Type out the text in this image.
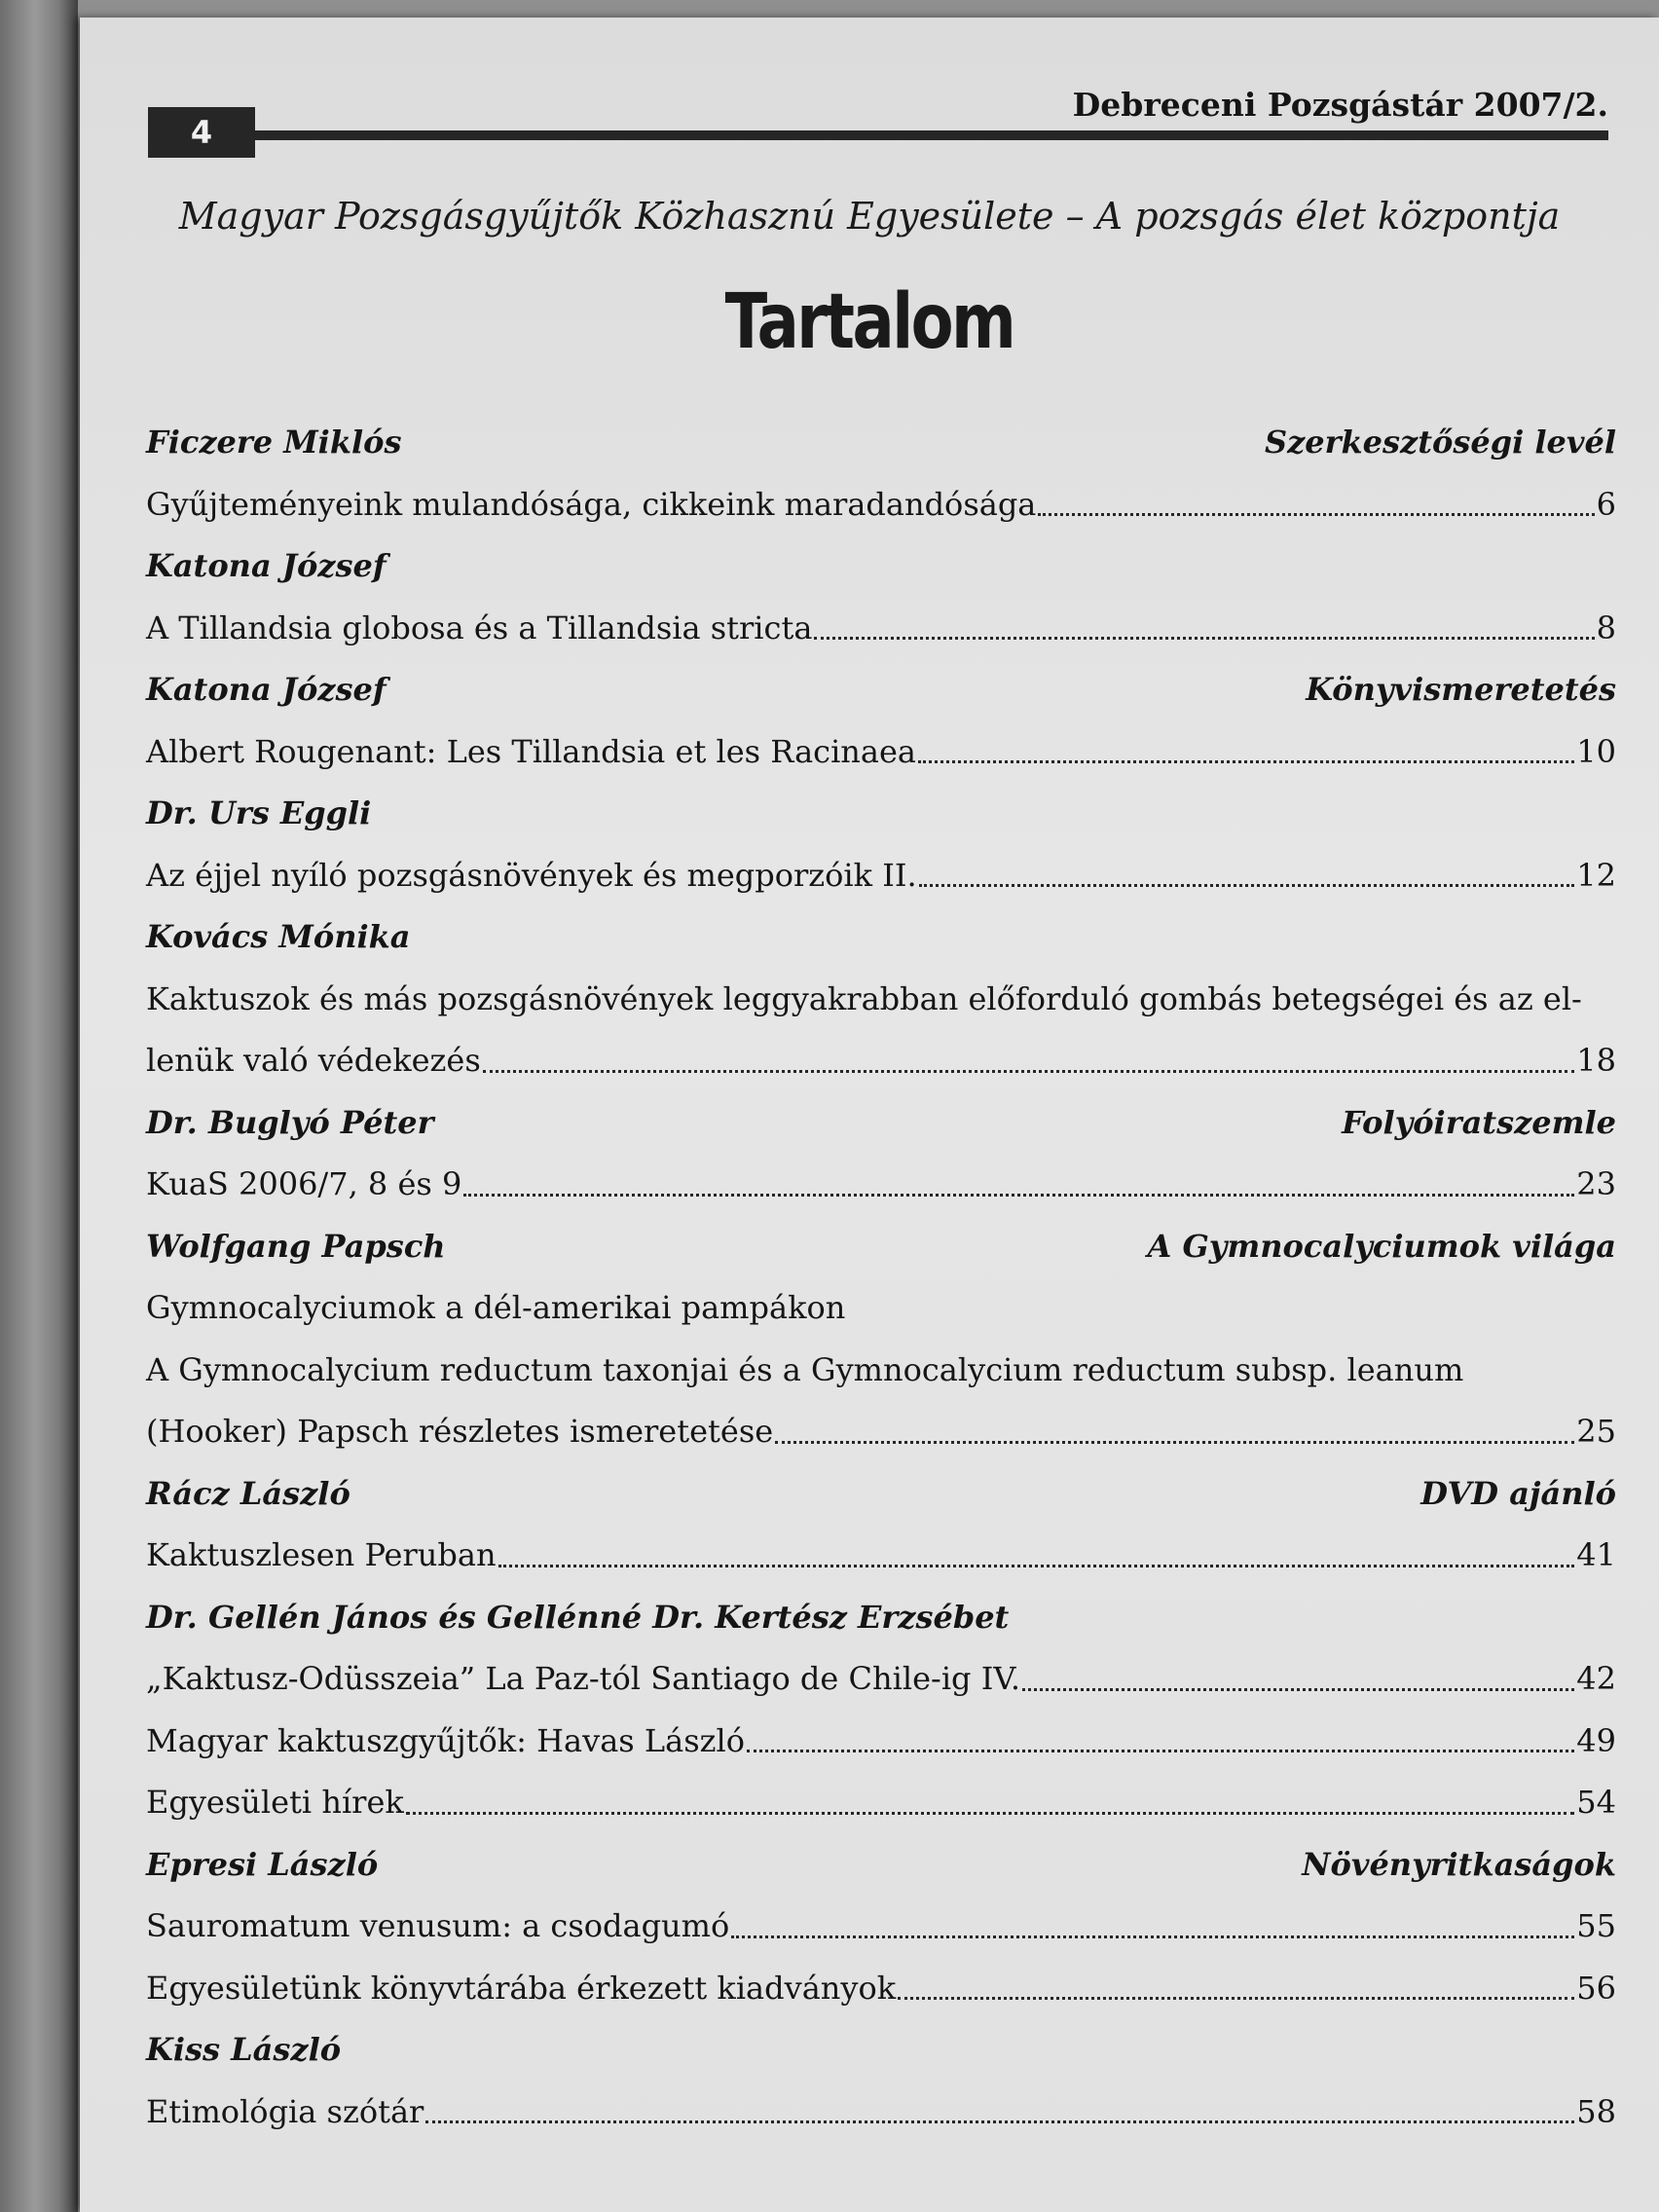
4
Debreceni Pozsgástár 2007/2.
Magyar Pozsgásgyűjtők Közhasznú Egyesülete – A pozsgás élet központja
Tartalom
Ficzere Miklós	Szerkesztőségi levél
Gyűjteményeink mulandósága, cikkeink maradandósága	6
Katona József
A Tillandsia globosa és a Tillandsia stricta	8
Katona József	Könyvismeretetés
Albert Rougenant: Les Tillandsia et les Racinaea	10
Dr. Urs Eggli
Az éjjel nyíló pozsgásnövények és megporzóik II.	12
Kovács Mónika
Kaktuszok és más pozsgásnövények leggyakrabban előforduló gombás betegségei és az el-
lenük való védekezés	18
Dr. Buglyó Péter	Folyóiratszemle
KuaS 2006/7, 8 és 9	23
Wolfgang Papsch	A Gymnocalyciumok világa
Gymnocalyciumok a dél-amerikai pampákon
A Gymnocalycium reductum taxonjai és a Gymnocalycium reductum subsp. leanum
(Hooker) Papsch részletes ismeretetése	25
Rácz László	DVD ajánló
Kaktuszlesen Peruban	41
Dr. Gellén János és Gellénné Dr. Kertész Erzsébet
„Kaktusz-Odüsszeia” La Paz-tól Santiago de Chile-ig IV.	42
Magyar kaktuszgyűjtők: Havas László	49
Egyesületi hírek	54
Epresi László	Növényritkaságok
Sauromatum venusum: a csodagumó	55
Egyesületünk könyvtárába érkezett kiadványok	56
Kiss László
Etimológia szótár	58
